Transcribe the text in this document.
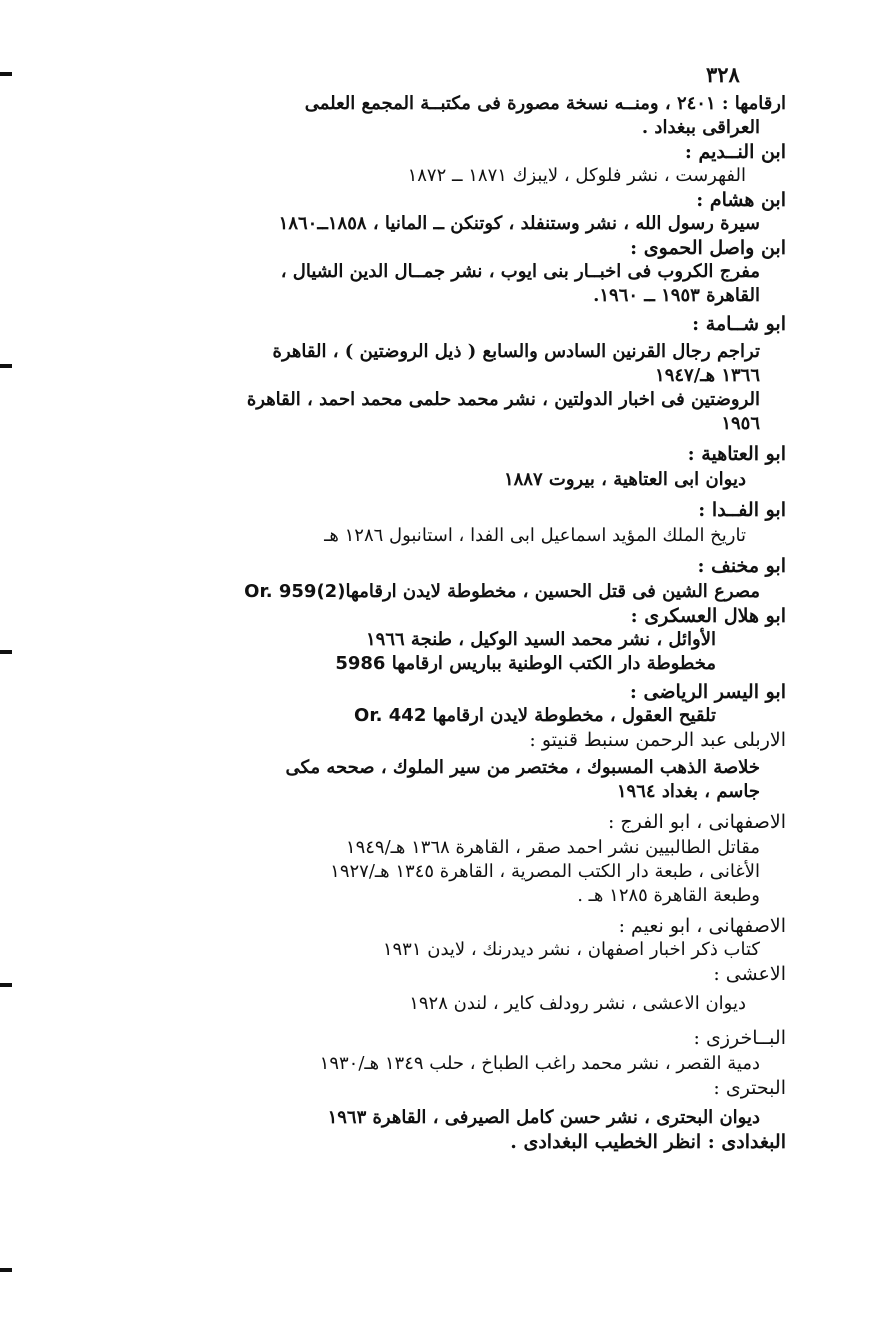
٣٢٨
ارقامها : ٢٤٠١ ، ومنــه نسخة مصورة فى مكتبــة المجمع العلمى
العراقى ببغداد .
ابن النــديم :
الفهرست ، نشر فلوكل ، لايبزك ١٨٧١ ــ ١٨٧٢
ابن هشام :
سيرة رسول الله ، نشر وستنفلد ، كوتنكن ــ المانيا ، ١٨٥٨ــ١٨٦٠
ابن واصل الحموى :
مفرج الكروب فى اخبــار بنى ايوب ، نشر جمــال الدين الشيال ،
القاهرة ١٩٥٣ ــ ١٩٦٠.
ابو شــامة :
تراجم رجال القرنين السادس والسابع ( ذيل الروضتين ) ، القاهرة
١٣٦٦ هـ/١٩٤٧
الروضتين فى اخبار الدولتين ، نشر محمد حلمى محمد احمد ، القاهرة
١٩٥٦
ابو العتاهية :
ديوان ابى العتاهية ، بيروت ١٨٨٧
ابو الفــدا :
تاريخ الملك المؤيد اسماعيل ابى الفدا ، استانبول ١٢٨٦ هـ
ابو مخنف :
مصرع الشين فى قتل الحسين ، مخطوطة لايدن ارقامهاOr. 959(2)
ابو هلال العسكرى :
الأوائل ، نشر محمد السيد الوكيل ، طنجة ١٩٦٦
مخطوطة دار الكتب الوطنية بباريس ارقامها 5986
ابو اليسر الرياضى :
تلقيح العقول ، مخطوطة لايدن ارقامها Or. 442
الاربلى عبد الرحمن سنبط قنيتو :
خلاصة الذهب المسبوك ، مختصر من سير الملوك ، صححه مكى
جاسم ، بغداد ١٩٦٤
الاصفهانى ، ابو الفرج :
مقاتل الطالبيين نشر احمد صقر ، القاهرة ١٣٦٨ هـ/١٩٤٩
الأغانى ، طبعة دار الكتب المصرية ، القاهرة ١٣٤٥ هـ/١٩٢٧
وطبعة القاهرة ١٢٨٥ هـ .
الاصفهانى ، ابو نعيم :
كتاب ذكر اخبار اصفهان ، نشر ديدرنك ، لايدن ١٩٣١
الاعشى :
ديوان الاعشى ، نشر رودلف كاير ، لندن ١٩٢٨
البــاخرزى :
دمية القصر ، نشر محمد راغب الطباخ ، حلب ١٣٤٩ هـ/١٩٣٠
البحترى :
ديوان البحترى ، نشر حسن كامل الصيرفى ، القاهرة ١٩٦٣
البغدادى : انظر الخطيب البغدادى .
